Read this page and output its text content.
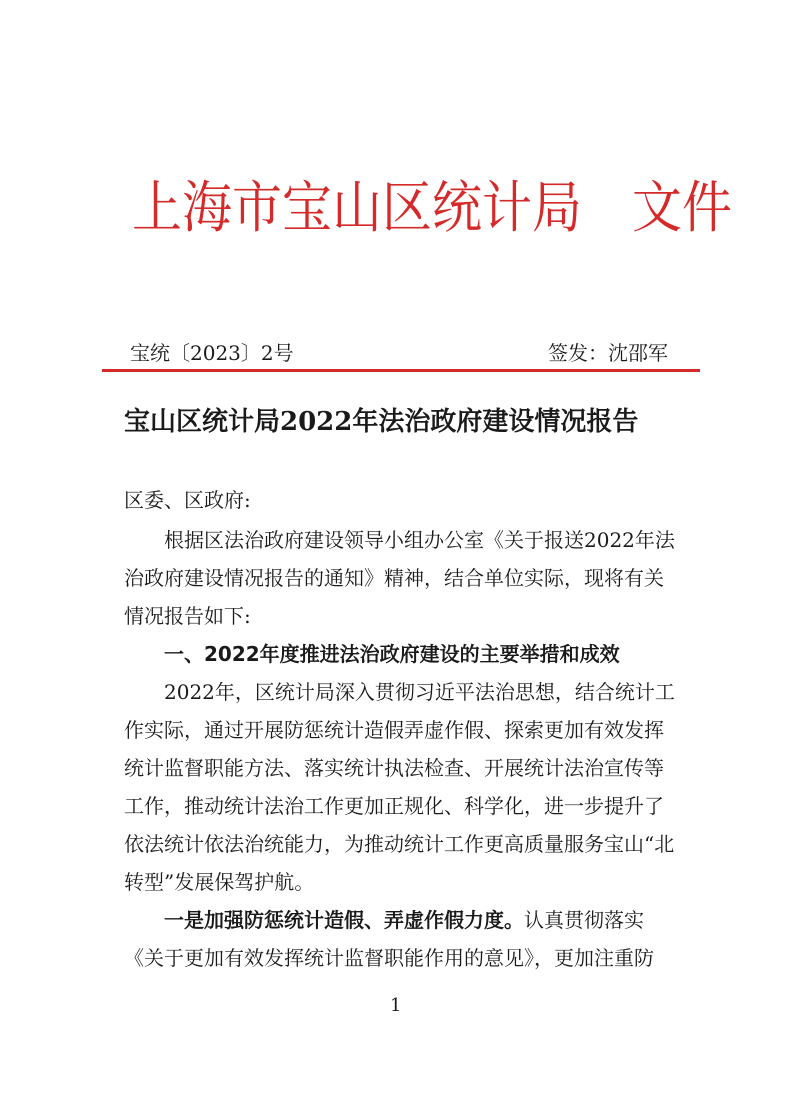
上海市宝山区统计局　文件
宝统〔2023〕2号	签发：沈邵军
宝山区统计局2022年法治政府建设情况报告
区委、区政府:
　　根据区法治政府建设领导小组办公室《关于报送2022年法
治政府建设情况报告的通知》精神，结合单位实际，现将有关
情况报告如下:
　　一、2022年度推进法治政府建设的主要举措和成效
　　2022年，区统计局深入贯彻习近平法治思想，结合统计工
作实际，通过开展防惩统计造假弄虚作假、探索更加有效发挥
统计监督职能方法、落实统计执法检查、开展统计法治宣传等
工作，推动统计法治工作更加正规化、科学化，进一步提升了
依法统计依法治统能力，为推动统计工作更高质量服务宝山“北
转型”发展保驾护航。
　　一是加强防惩统计造假、弄虚作假力度。认真贯彻落实
《关于更加有效发挥统计监督职能作用的意见》，更加注重防
1
